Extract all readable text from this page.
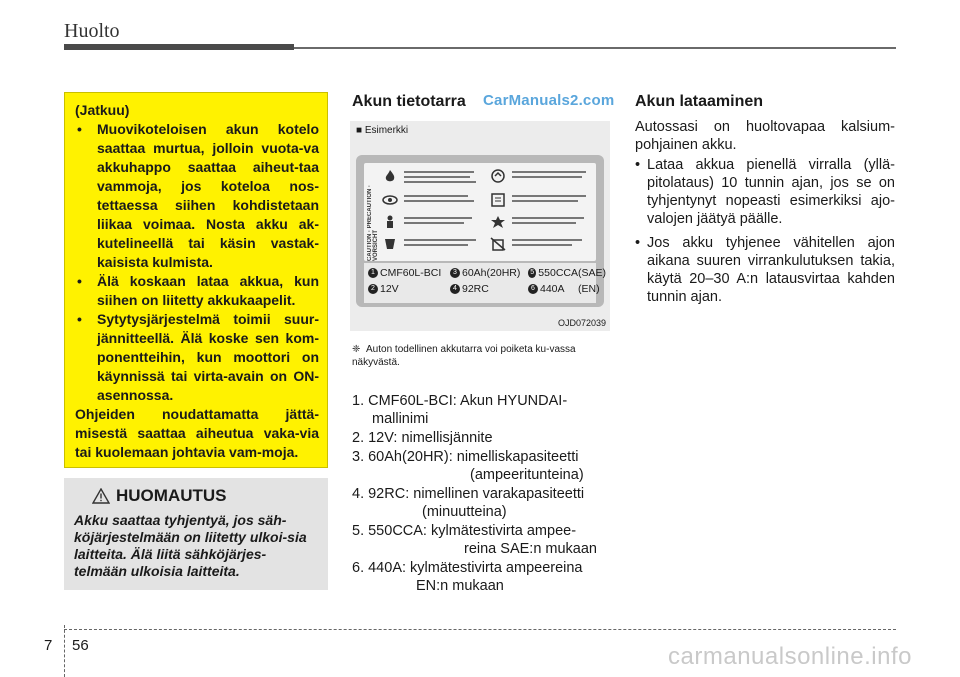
Huolto

(Jatkuu)

• Muovikoteloisen akun kotelo saattaa murtua, jolloin vuota-va akkuhappo saattaa aiheut-taa vammoja, jos koteloa nos-tettaessa siihen kohdistetaan liikaa voimaa. Nosta akku ak-kutelineellä tai käsin vastak-kaisista kulmista.
• Älä koskaan lataa akkua, kun siihen on liitetty akkukaapelit.
• Sytytysjärjestelmä toimii suur-jännitteellä. Älä koske sen kom-ponentteihin, kun moottori on käynnissä tai virta-avain on ON-asennossa.

Ohjeiden noudattamatta jättä-misestä saattaa aiheutua vaka-via tai kuolemaan johtavia vam-moja.

HUOMAUTUS
Akku saattaa tyhjentyä, jos säh-köjärjestelmään on liitetty ulkoi-sia laitteita. Älä liitä sähköjärjes-telmään ulkoisia laitteita.
Akun tietotarra CarManuals2.com
■ Esimerkki
CAUTION · PRECAUTION · VORSICHT
1 CMF60L-BCI	3 60Ah(20HR)	5 550CCA (SAE)
2 12V	4 92RC	6 440A (EN)
OJD072039
❈ Auton todellinen akkutarra voi poiketa ku-vassa näkyvästä.
1. CMF60L-BCI: Akun HYUNDAI-
mallinimi
2. 12V: nimellisjännite
3. 60Ah(20HR): nimelliskapasiteetti
(ampeeritunteina)
4. 92RC: nimellinen varakapasiteetti
(minuutteina)
5. 550CCA: kylmätestivirta ampee-
reina SAE:n mukaan
6. 440A: kylmätestivirta ampeereina
EN:n mukaan
Akun lataaminen
Autossasi on huoltovapaa kalsium-pohjainen akku.
• Lataa akkua pienellä virralla (yllä-pitolataus) 10 tunnin ajan, jos se on tyhjentynyt nopeasti esimerkiksi ajo-valojen jäätyä päälle.
• Jos akku tyhjenee vähitellen ajon aikana suuren virrankulutuksen takia, käytä 20–30 A:n latausvirtaa kahden tunnin ajan.
7 56	carmanualsonline.info
